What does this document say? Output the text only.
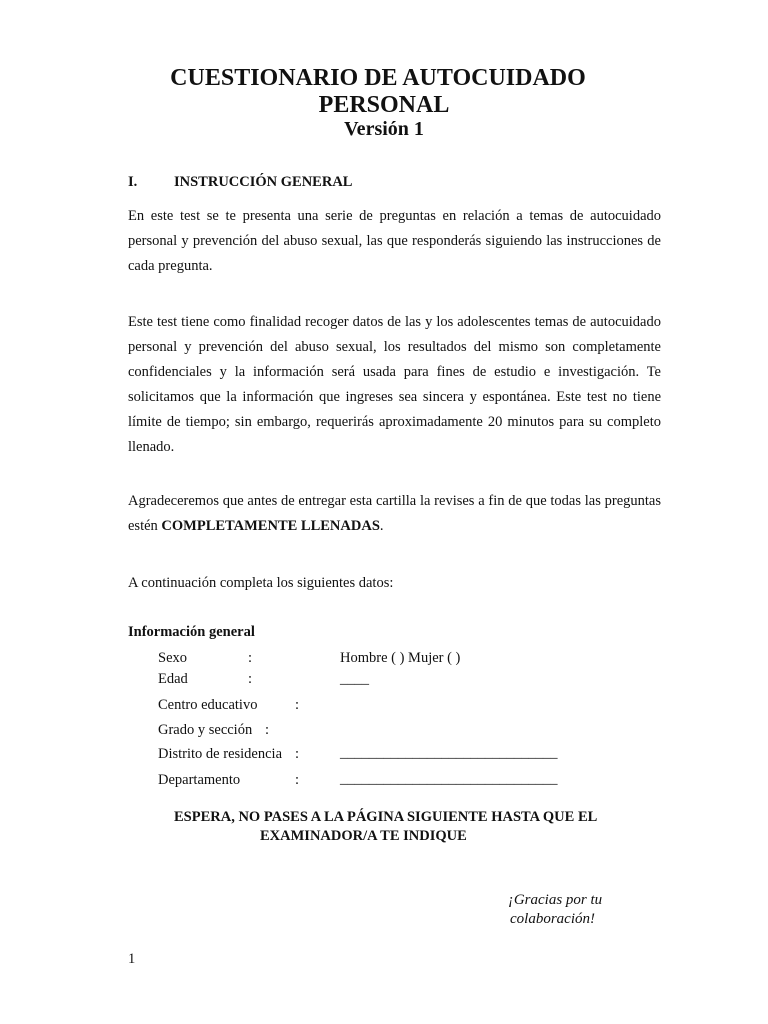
CUESTIONARIO DE AUTOCUIDADO
PERSONAL
Versión 1
I.	INSTRUCCIÓN GENERAL
En este test se te presenta una serie de preguntas en relación a temas de autocuidado personal y prevención del abuso sexual, las que responderás siguiendo las instrucciones de cada pregunta.
Este test tiene como finalidad recoger datos de las y los adolescentes temas de autocuidado personal y prevención del abuso sexual, los resultados del mismo son completamente confidenciales y la información será usada para fines de estudio e investigación. Te solicitamos que la información que ingreses sea sincera y espontánea. Este test no tiene límite de tiempo; sin embargo, requerirás aproximadamente 20 minutos para su completo llenado.
Agradeceremos que antes de entregar esta cartilla la revises a fin de que todas las preguntas estén COMPLETAMENTE LLENADAS.
A continuación completa los siguientes datos:
Información general
Sexo	:	Hombre ( ) Mujer ( )
Edad	:	____
Centro educativo	:
Grado y sección :
Distrito de residencia :	______________________________
Departamento	:	______________________________
ESPERA, NO PASES A LA PÁGINA SIGUIENTE HASTA QUE EL
EXAMINADOR/A TE INDIQUE
¡Gracias por tu
colaboración!
1
